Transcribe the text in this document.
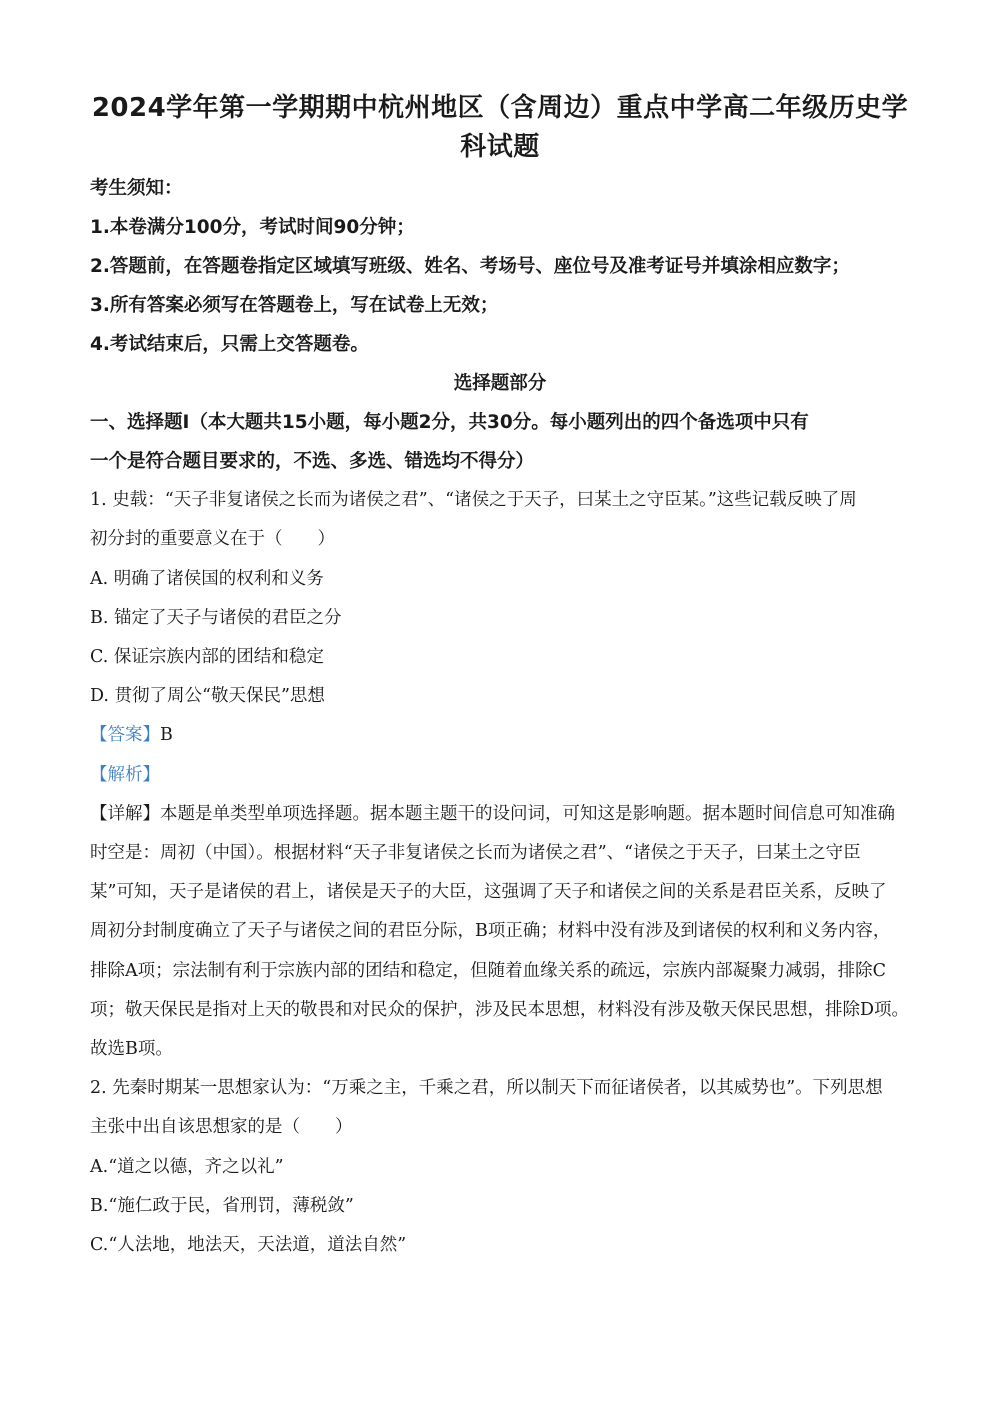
2024学年第一学期期中杭州地区（含周边）重点中学高二年级历史学
科试题
考生须知：
1.本卷满分100分，考试时间90分钟；
2.答题前，在答题卷指定区域填写班级、姓名、考场号、座位号及准考证号并填涂相应数字；
3.所有答案必须写在答题卷上，写在试卷上无效；
4.考试结束后，只需上交答题卷。
选择题部分
一、选择题Ⅰ（本大题共15小题，每小题2分，共30分。每小题列出的四个备选项中只有
一个是符合题目要求的，不选、多选、错选均不得分）
1. 史载：“天子非复诸侯之长而为诸侯之君”、“诸侯之于天子，曰某土之守臣某。”这些记载反映了周
初分封的重要意义在于（　　）
A. 明确了诸侯国的权利和义务
B. 锚定了天子与诸侯的君臣之分
C. 保证宗族内部的团结和稳定
D. 贯彻了周公“敬天保民”思想
【答案】B
【解析】
【详解】本题是单类型单项选择题。据本题主题干的设问词，可知这是影响题。据本题时间信息可知准确
时空是：周初（中国）。根据材料“天子非复诸侯之长而为诸侯之君”、“诸侯之于天子，曰某土之守臣
某”可知，天子是诸侯的君上，诸侯是天子的大臣，这强调了天子和诸侯之间的关系是君臣关系，反映了
周初分封制度确立了天子与诸侯之间的君臣分际，B项正确；材料中没有涉及到诸侯的权利和义务内容，
排除A项；宗法制有利于宗族内部的团结和稳定，但随着血缘关系的疏远，宗族内部凝聚力减弱，排除C
项；敬天保民是指对上天的敬畏和对民众的保护，涉及民本思想，材料没有涉及敬天保民思想，排除D项。
故选B项。
2. 先秦时期某一思想家认为：“万乘之主，千乘之君，所以制天下而征诸侯者，以其威势也”。下列思想
主张中出自该思想家的是（　　）
A.“道之以德，齐之以礼”
B.“施仁政于民，省刑罚，薄税敛”
C.“人法地，地法天，天法道，道法自然”
